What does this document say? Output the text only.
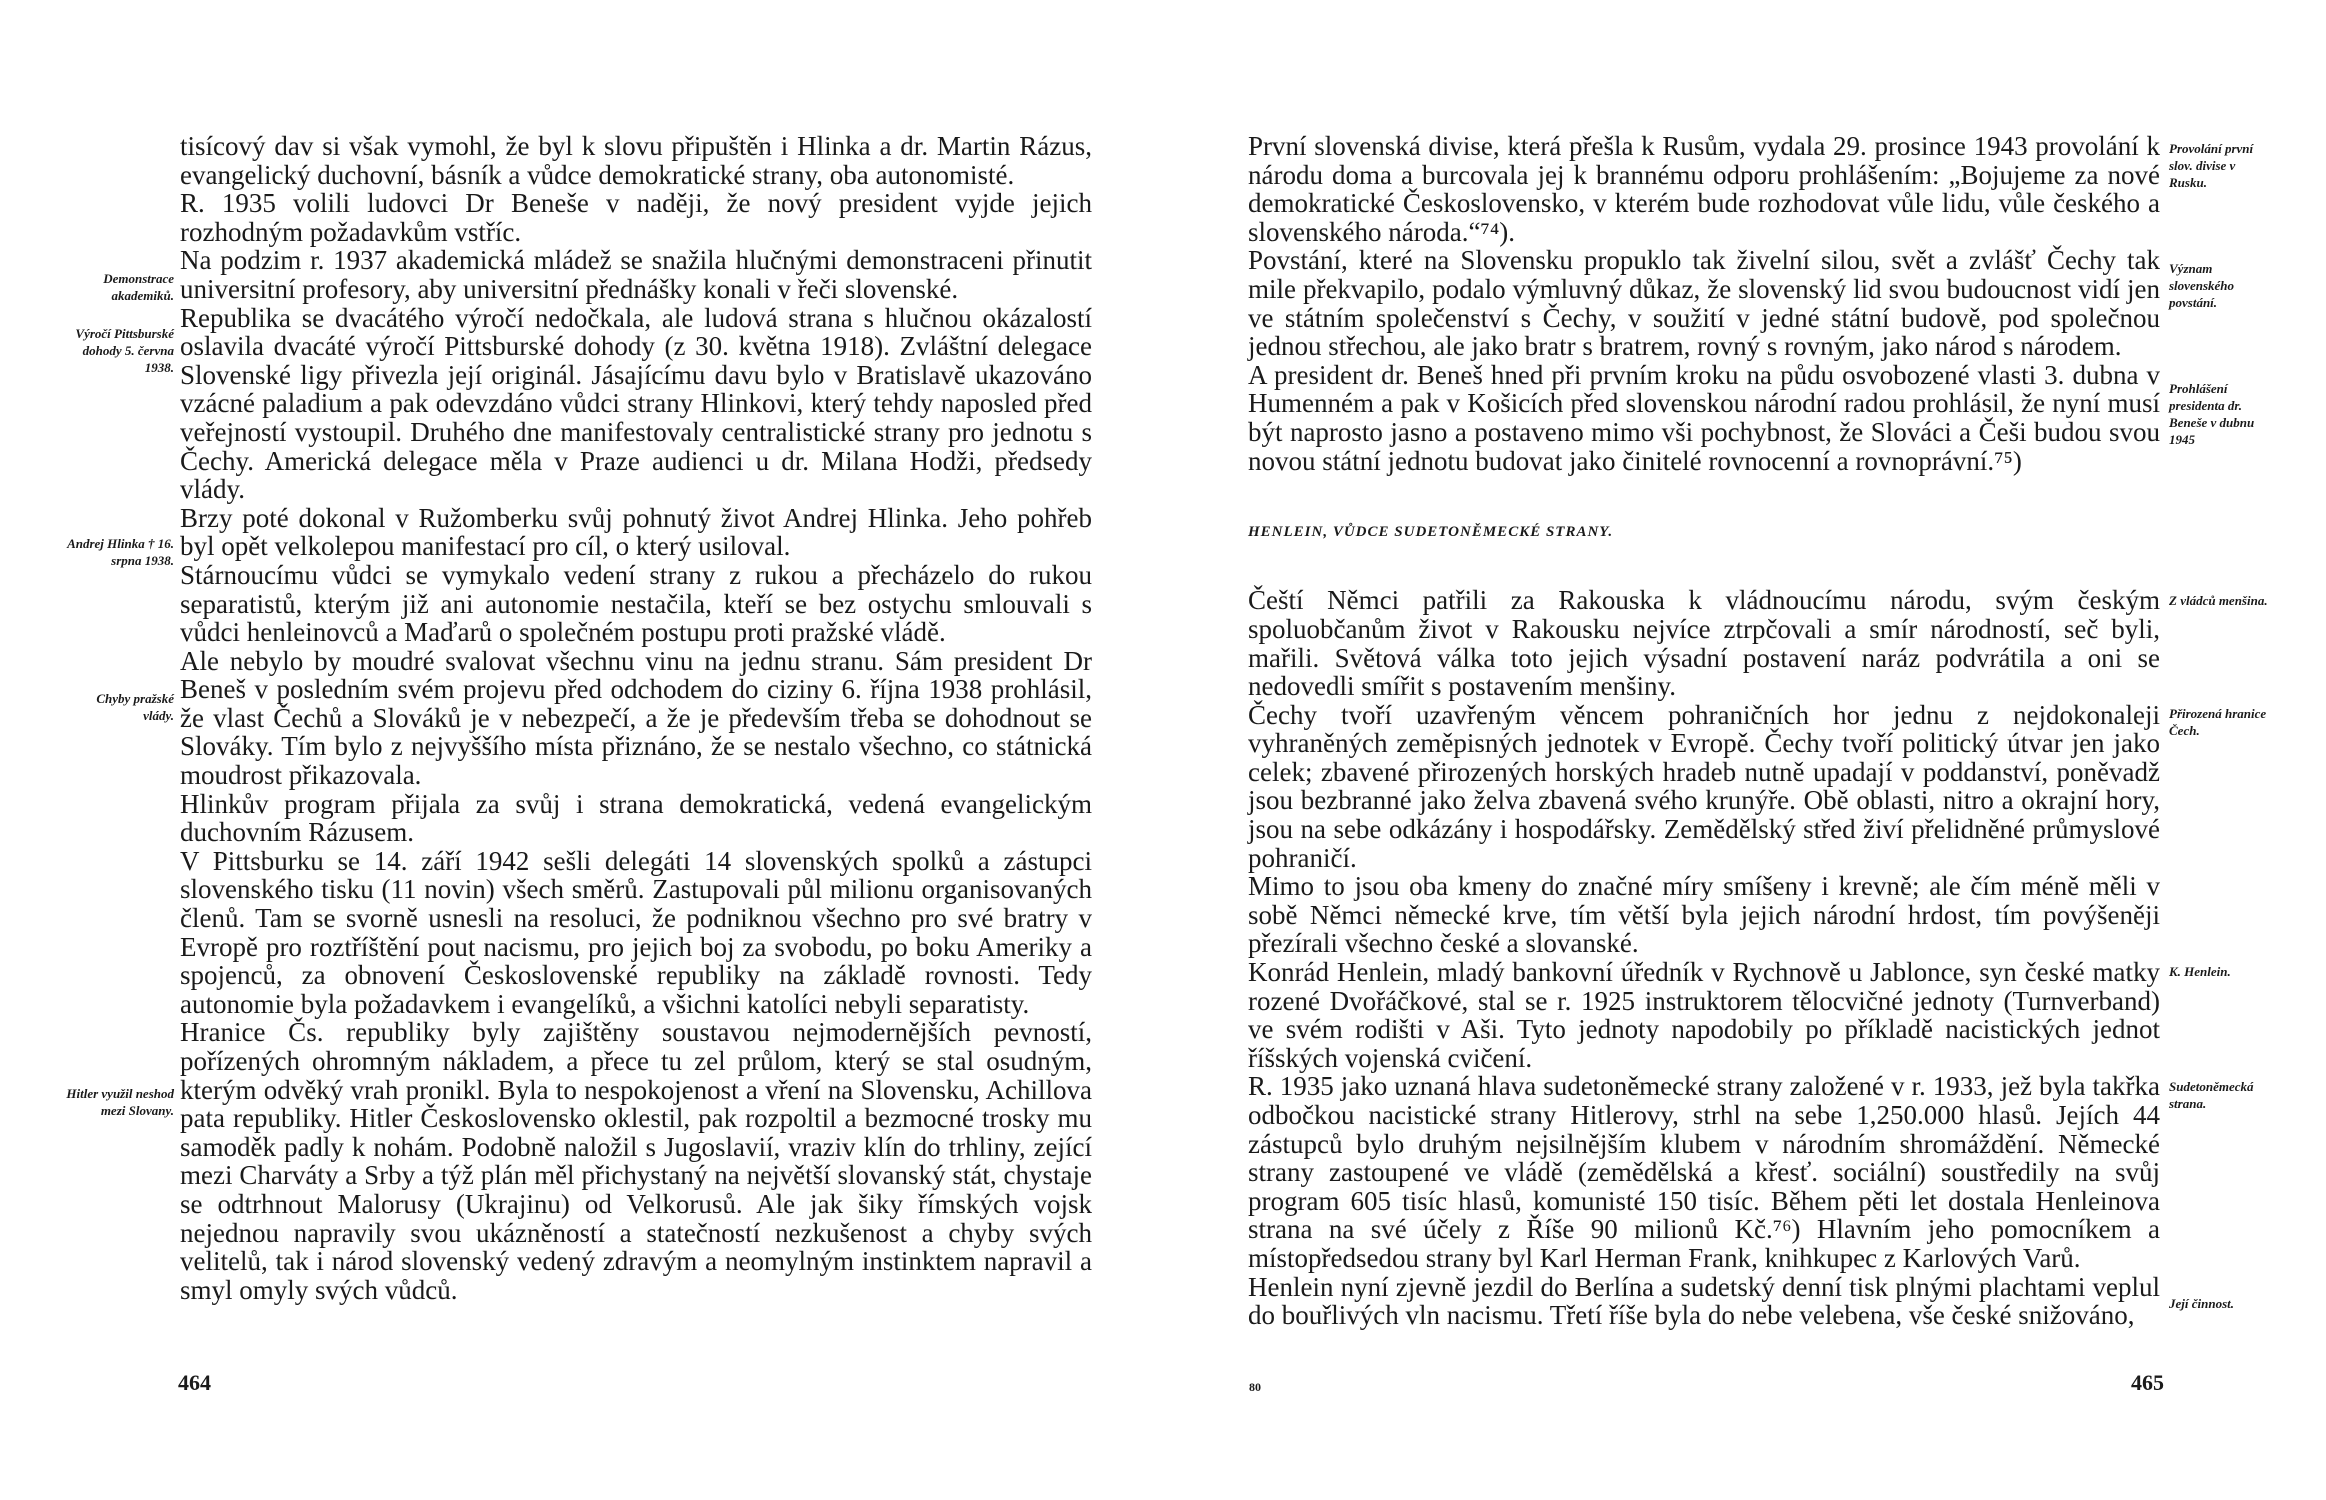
tisícový dav si však vymohl, že byl k slovu připuštěn i Hlinka a dr. Martin Rázus, evangelický duchovní, básník a vůdce demokratické strany, oba autonomisté.

R. 1935 volili ludovci Dr Beneše v naději, že nový president vyjde jejich rozhodným požadavkům vstříc.

Na podzim r. 1937 akademická mládež se snažila hlučnými demonstraceni přinutit universitní profesory, aby universitní přednášky konali v řeči slovenské.

Republika se dvacátého výročí nedočkala, ale ludová strana s hlučnou okázalostí oslavila dvacáté výročí Pittsburské dohody (z 30. května 1918). Zvláštní delegace Slovenské ligy přivezla její originál. Jásajícímu davu bylo v Bratislavě ukazováno vzácné paladium a pak odevzdáno vůdci strany Hlinkovi, který tehdy naposled před veřejností vystoupil. Druhého dne manifestovaly centralistické strany pro jednotu s Čechy. Americká delegace měla v Praze audienci u dr. Milana Hodži, předsedy vlády.

Brzy poté dokonal v Ružomberku svůj pohnutý život Andrej Hlinka. Jeho pohřeb byl opět velkolepou manifestací pro cíl, o který usiloval.

Stárnoucímu vůdci se vymykalo vedení strany z rukou a přecházelo do rukou separatistů, kterým již ani autonomie nestačila, kteří se bez ostychu smlouvali s vůdci henleinovců a Maďarů o společném postupu proti pražské vládě.

Ale nebylo by moudré svalovat všechnu vinu na jednu stranu. Sám president Dr Beneš v posledním svém projevu před odchodem do ciziny 6. října 1938 prohlásil, že vlast Čechů a Slováků je v nebezpečí, a že je především třeba se dohodnout se Slováky. Tím bylo z nejvyššího místa přiznáno, že se nestalo všechno, co státnická moudrost přikazovala.

Hlinkův program přijala za svůj i strana demokratická, vedená evangelickým duchovním Rázusem.

V Pittsburku se 14. září 1942 sešli delegáti 14 slovenských spolků a zástupci slovenského tisku (11 novin) všech směrů. Zastupovali půl milionu organisovaných členů. Tam se svorně usnesli na resoluci, že podniknou všechno pro své bratry v Evropě pro roztříštění pout nacismu, pro jejich boj za svobodu, po boku Ameriky a spojenců, za obnovení Československé republiky na základě rovnosti. Tedy autonomie byla požadavkem i evangelíků, a všichni katolíci nebyli separatisty.

Hranice Čs. republiky byly zajištěny soustavou nejmodernějších pevností, pořízených ohromným nákladem, a přece tu zel průlom, který se stal osudným, kterým odvěký vrah pronikl. Byla to nespokojenost a vření na Slovensku, Achillova pata republiky. Hitler Československo oklestil, pak rozpoltil a bezmocné trosky mu samoděk padly k nohám. Podobně naložil s Jugoslavií, vraziv klín do trhliny, zející mezi Charváty a Srby a týž plán měl přichystaný na největší slovanský stát, chystaje se odtrhnout Malorusy (Ukrajinu) od Velkorusů. Ale jak šiky římských vojsk nejednou napravily svou ukázněností a statečností nezkušenost a chyby svých velitelů, tak i národ slovenský vedený zdravým a neomylným instinktem napravil a smyl omyly svých vůdců.

Demonstrace akademiků.
Výročí Pittsburské dohody 5. června 1938.
Andrej Hlinka † 16. srpna 1938.
Chyby pražské vlády.
Hitler využil neshod mezi Slovany.
464

První slovenská divise, která přešla k Rusům, vydala 29. prosince 1943 provolání k národu doma a burcovala jej k brannému odporu prohlášením: „Bojujeme za nové demokratické Československo, v kterém bude rozhodovat vůle lidu, vůle českého a slovenského národa.“⁷⁴).

Povstání, které na Slovensku propuklo tak živelní silou, svět a zvlášť Čechy tak mile překvapilo, podalo výmluvný důkaz, že slovenský lid svou budoucnost vidí jen ve státním společenství s Čechy, v soužití v jedné státní budově, pod společnou jednou střechou, ale jako bratr s bratrem, rovný s rovným, jako národ s národem.

A president dr. Beneš hned při prvním kroku na půdu osvobozené vlasti 3. dubna v Humenném a pak v Košicích před slovenskou národní radou prohlásil, že nyní musí být naprosto jasno a postaveno mimo vši pochybnost, že Slováci a Češi budou svou novou státní jednotu budovat jako činitelé rovnocenní a rovnoprávní.⁷⁵)

HENLEIN, VŮDCE SUDETONĚMECKÉ STRANY.

Čeští Němci patřili za Rakouska k vládnoucímu národu, svým českým spoluobčanům život v Rakousku nejvíce ztrpčovali a smír národností, seč byli, mařili. Světová válka toto jejich výsadní postavení naráz podvrátila a oni se nedovedli smířit s postavením menšiny.

Čechy tvoří uzavřeným věncem pohraničních hor jednu z nejdokonaleji vyhraněných zeměpisných jednotek v Evropě. Čechy tvoří politický útvar jen jako celek; zbavené přirozených horských hradeb nutně upadají v poddanství, poněvadž jsou bezbranné jako želva zbavená svého krunýře. Obě oblasti, nitro a okrajní hory, jsou na sebe odkázány i hospodářsky. Zemědělský střed živí přelidněné průmyslové pohraničí.

Mimo to jsou oba kmeny do značné míry smíšeny i krevně; ale čím méně měli v sobě Němci německé krve, tím větší byla jejich národní hrdost, tím povýšeněji přezírali všechno české a slovanské.

Konrád Henlein, mladý bankovní úředník v Rychnově u Jablonce, syn české matky rozené Dvořáčkové, stal se r. 1925 instruktorem tělocvičné jednoty (Turnverband) ve svém rodišti v Aši. Tyto jednoty napodobily po příkladě nacistických jednot říšských vojenská cvičení.

R. 1935 jako uznaná hlava sudetoněmecké strany založené v r. 1933, jež byla takřka odbočkou nacistické strany Hitlerovy, strhl na sebe 1,250.000 hlasů. Jejích 44 zástupců bylo druhým nejsilnějším klubem v národním shromáždění. Německé strany zastoupené ve vládě (zemědělská a křesť. sociální) soustředily na svůj program 605 tisíc hlasů, komunisté 150 tisíc. Během pěti let dostala Henleinova strana na své účely z Říše 90 milionů Kč.⁷⁶) Hlavním jeho pomocníkem a místopředsedou strany byl Karl Herman Frank, knihkupec z Karlových Varů.

Henlein nyní zjevně jezdil do Berlína a sudetský denní tisk plnými plachtami veplul do bouřlivých vln nacismu. Třetí říše byla do nebe velebena, vše české snižováno,

Provolání první slov. divise v Rusku.
Význam slovenského povstání.
Prohlášení presidenta dr. Beneše v dubnu 1945
Z vládců menšina.
Přirozená hranice Čech.
K. Henlein.
Sudetoněmecká strana.
Její činnost.
80	465
